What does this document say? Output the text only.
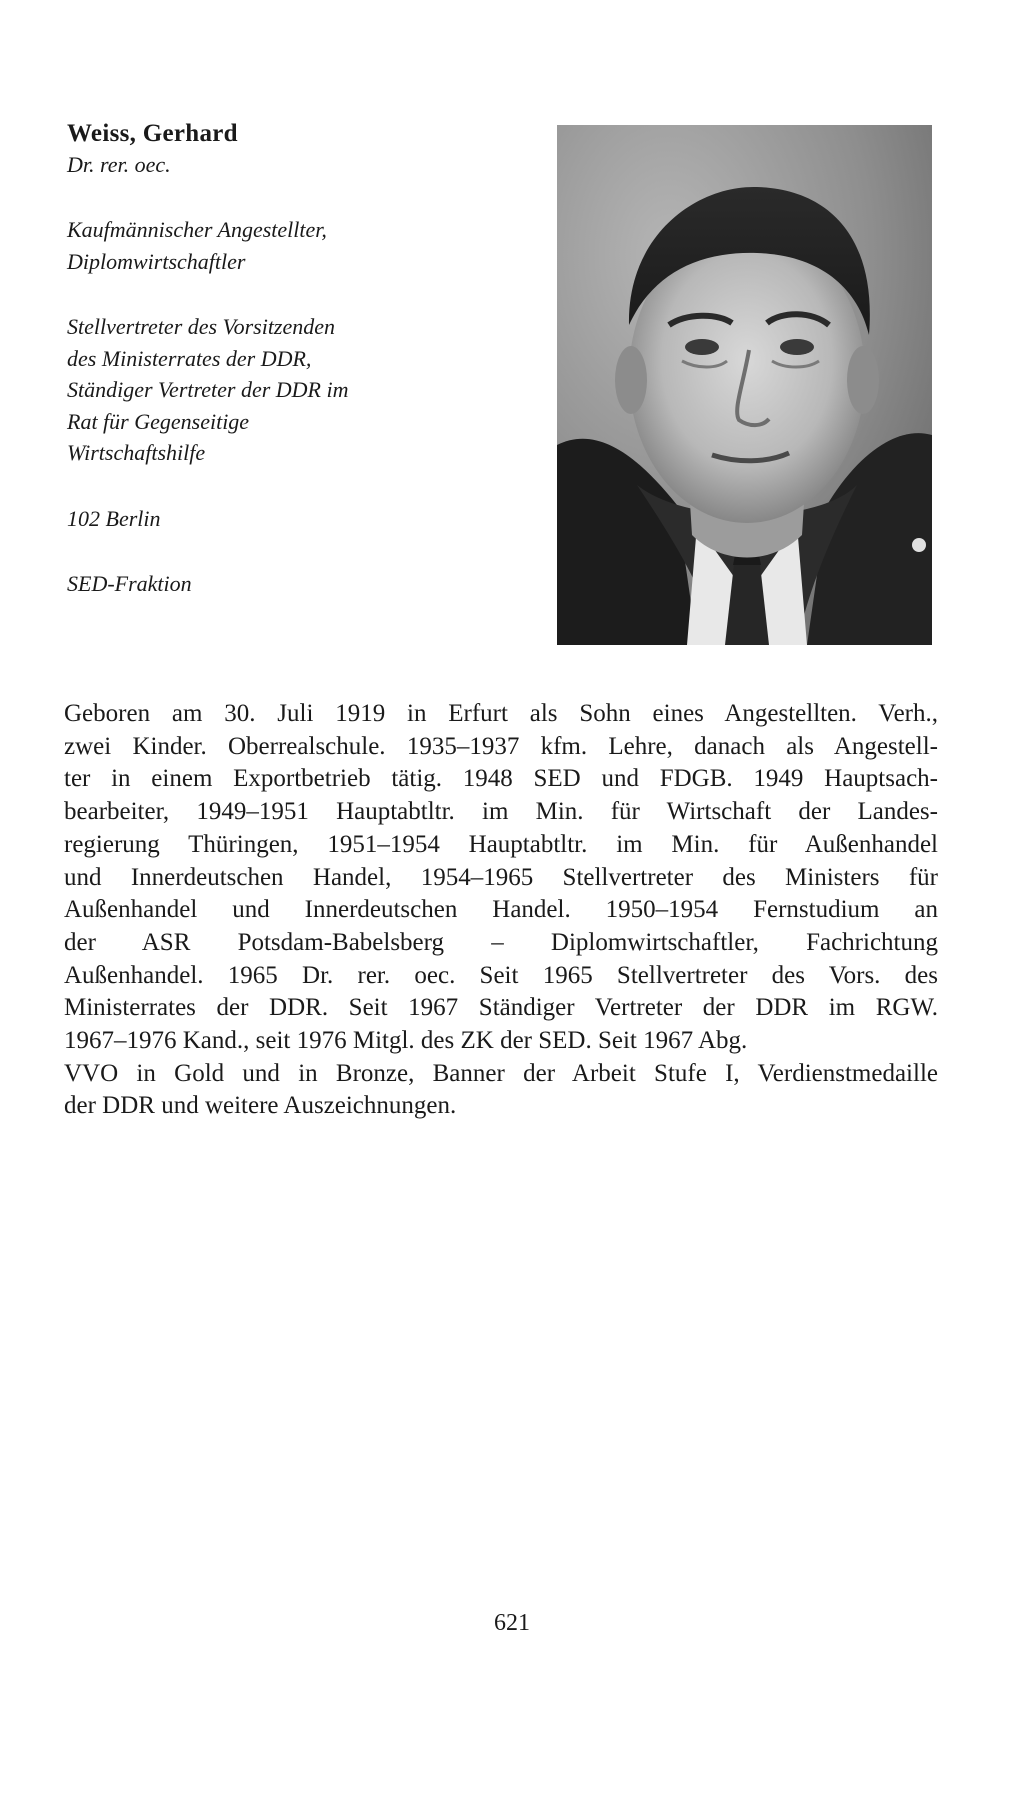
Weiss, Gerhard

Dr. rer. oec.

Kaufmännischer Angestellter,

Diplomwirtschaftler

Stellvertreter des Vorsitzenden

des Ministerrates der DDR,

Ständiger Vertreter der DDR im

Rat für Gegenseitige

Wirtschaftshilfe

102 Berlin

SED-Fraktion

Geboren am 30. Juli 1919 in Erfurt als Sohn eines Angestellten. Verh.,
zwei Kinder. Oberrealschule. 1935–1937 kfm. Lehre, danach als Angestell-
ter in einem Exportbetrieb tätig. 1948 SED und FDGB. 1949 Hauptsach-
bearbeiter, 1949–1951 Hauptabtltr. im Min. für Wirtschaft der Landes-
regierung Thüringen, 1951–1954 Hauptabtltr. im Min. für Außenhandel
und Innerdeutschen Handel, 1954–1965 Stellvertreter des Ministers für
Außenhandel und Innerdeutschen Handel. 1950–1954 Fernstudium an
der ASR Potsdam-Babelsberg – Diplomwirtschaftler, Fachrichtung
Außenhandel. 1965 Dr. rer. oec. Seit 1965 Stellvertreter des Vors. des
Ministerrates der DDR. Seit 1967 Ständiger Vertreter der DDR im RGW.
1967–1976 Kand., seit 1976 Mitgl. des ZK der SED. Seit 1967 Abg.

VVO in Gold und in Bronze, Banner der Arbeit Stufe I, Verdienstmedaille
der DDR und weitere Auszeichnungen.

621
